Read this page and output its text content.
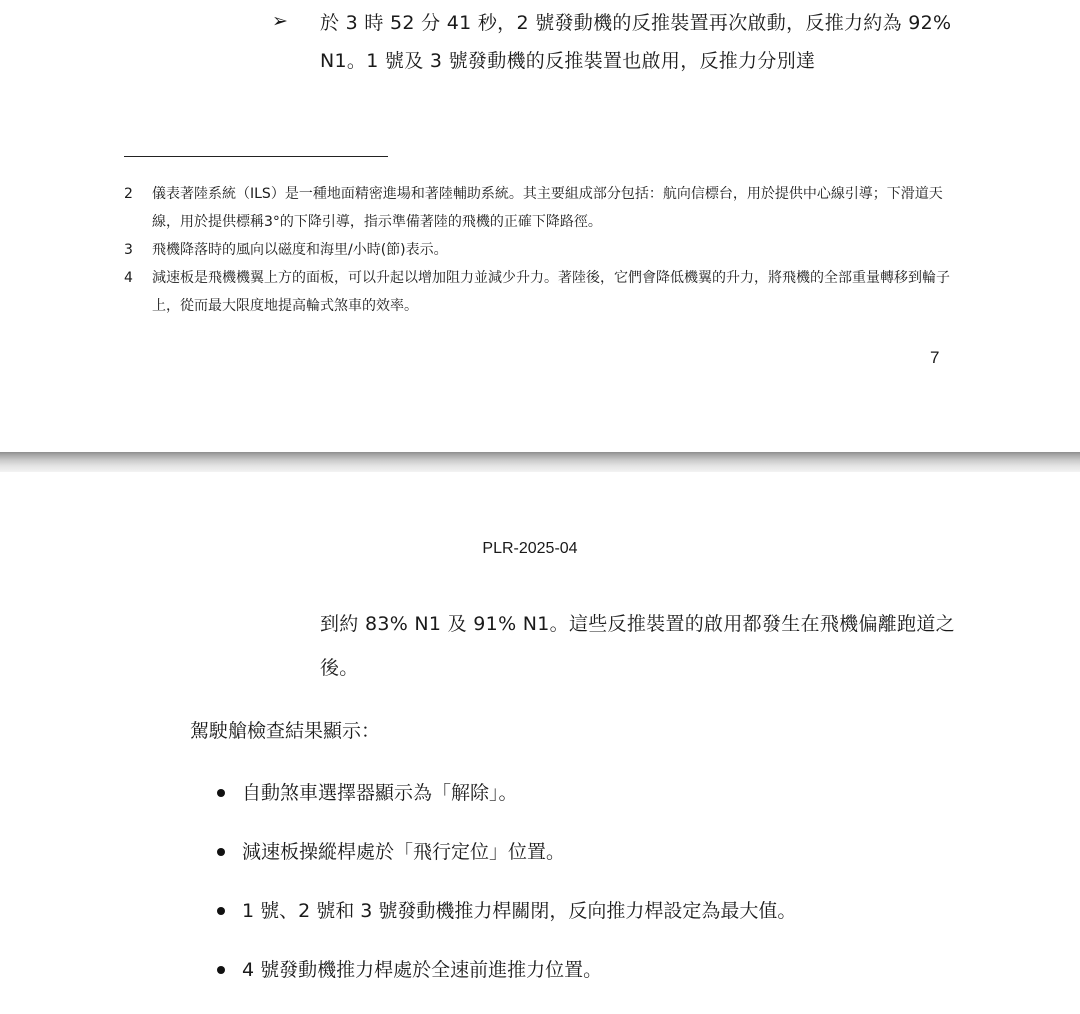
➢ 於 3 時 52 分 41 秒，2 號發動機的反推裝置再次啟動，反推力約為 92% N1。1 號及 3 號發動機的反推裝置也啟用，反推力分別達
2 儀表著陸系統（ILS）是一種地面精密進場和著陸輔助系統。其主要組成部分包括：航向信標台，用於提供中心線引導；下滑道天線，用於提供標稱3°的下降引導，指示準備著陸的飛機的正確下降路徑。
3 飛機降落時的風向以磁度和海里/小時(節)表示。
4 減速板是飛機機翼上方的面板，可以升起以增加阻力並減少升力。著陸後，它們會降低機翼的升力，將飛機的全部重量轉移到輪子上，從而最大限度地提高輪式煞車的效率。
7
PLR-2025-04
到約 83% N1 及 91% N1。這些反推裝置的啟用都發生在飛機偏離跑道之後。
駕駛艙檢查結果顯示：
自動煞車選擇器顯示為「解除」。
減速板操縱桿處於「飛行定位」位置。
1 號、2 號和 3 號發動機推力桿關閉，反向推力桿設定為最大值。
4 號發動機推力桿處於全速前進推力位置。
